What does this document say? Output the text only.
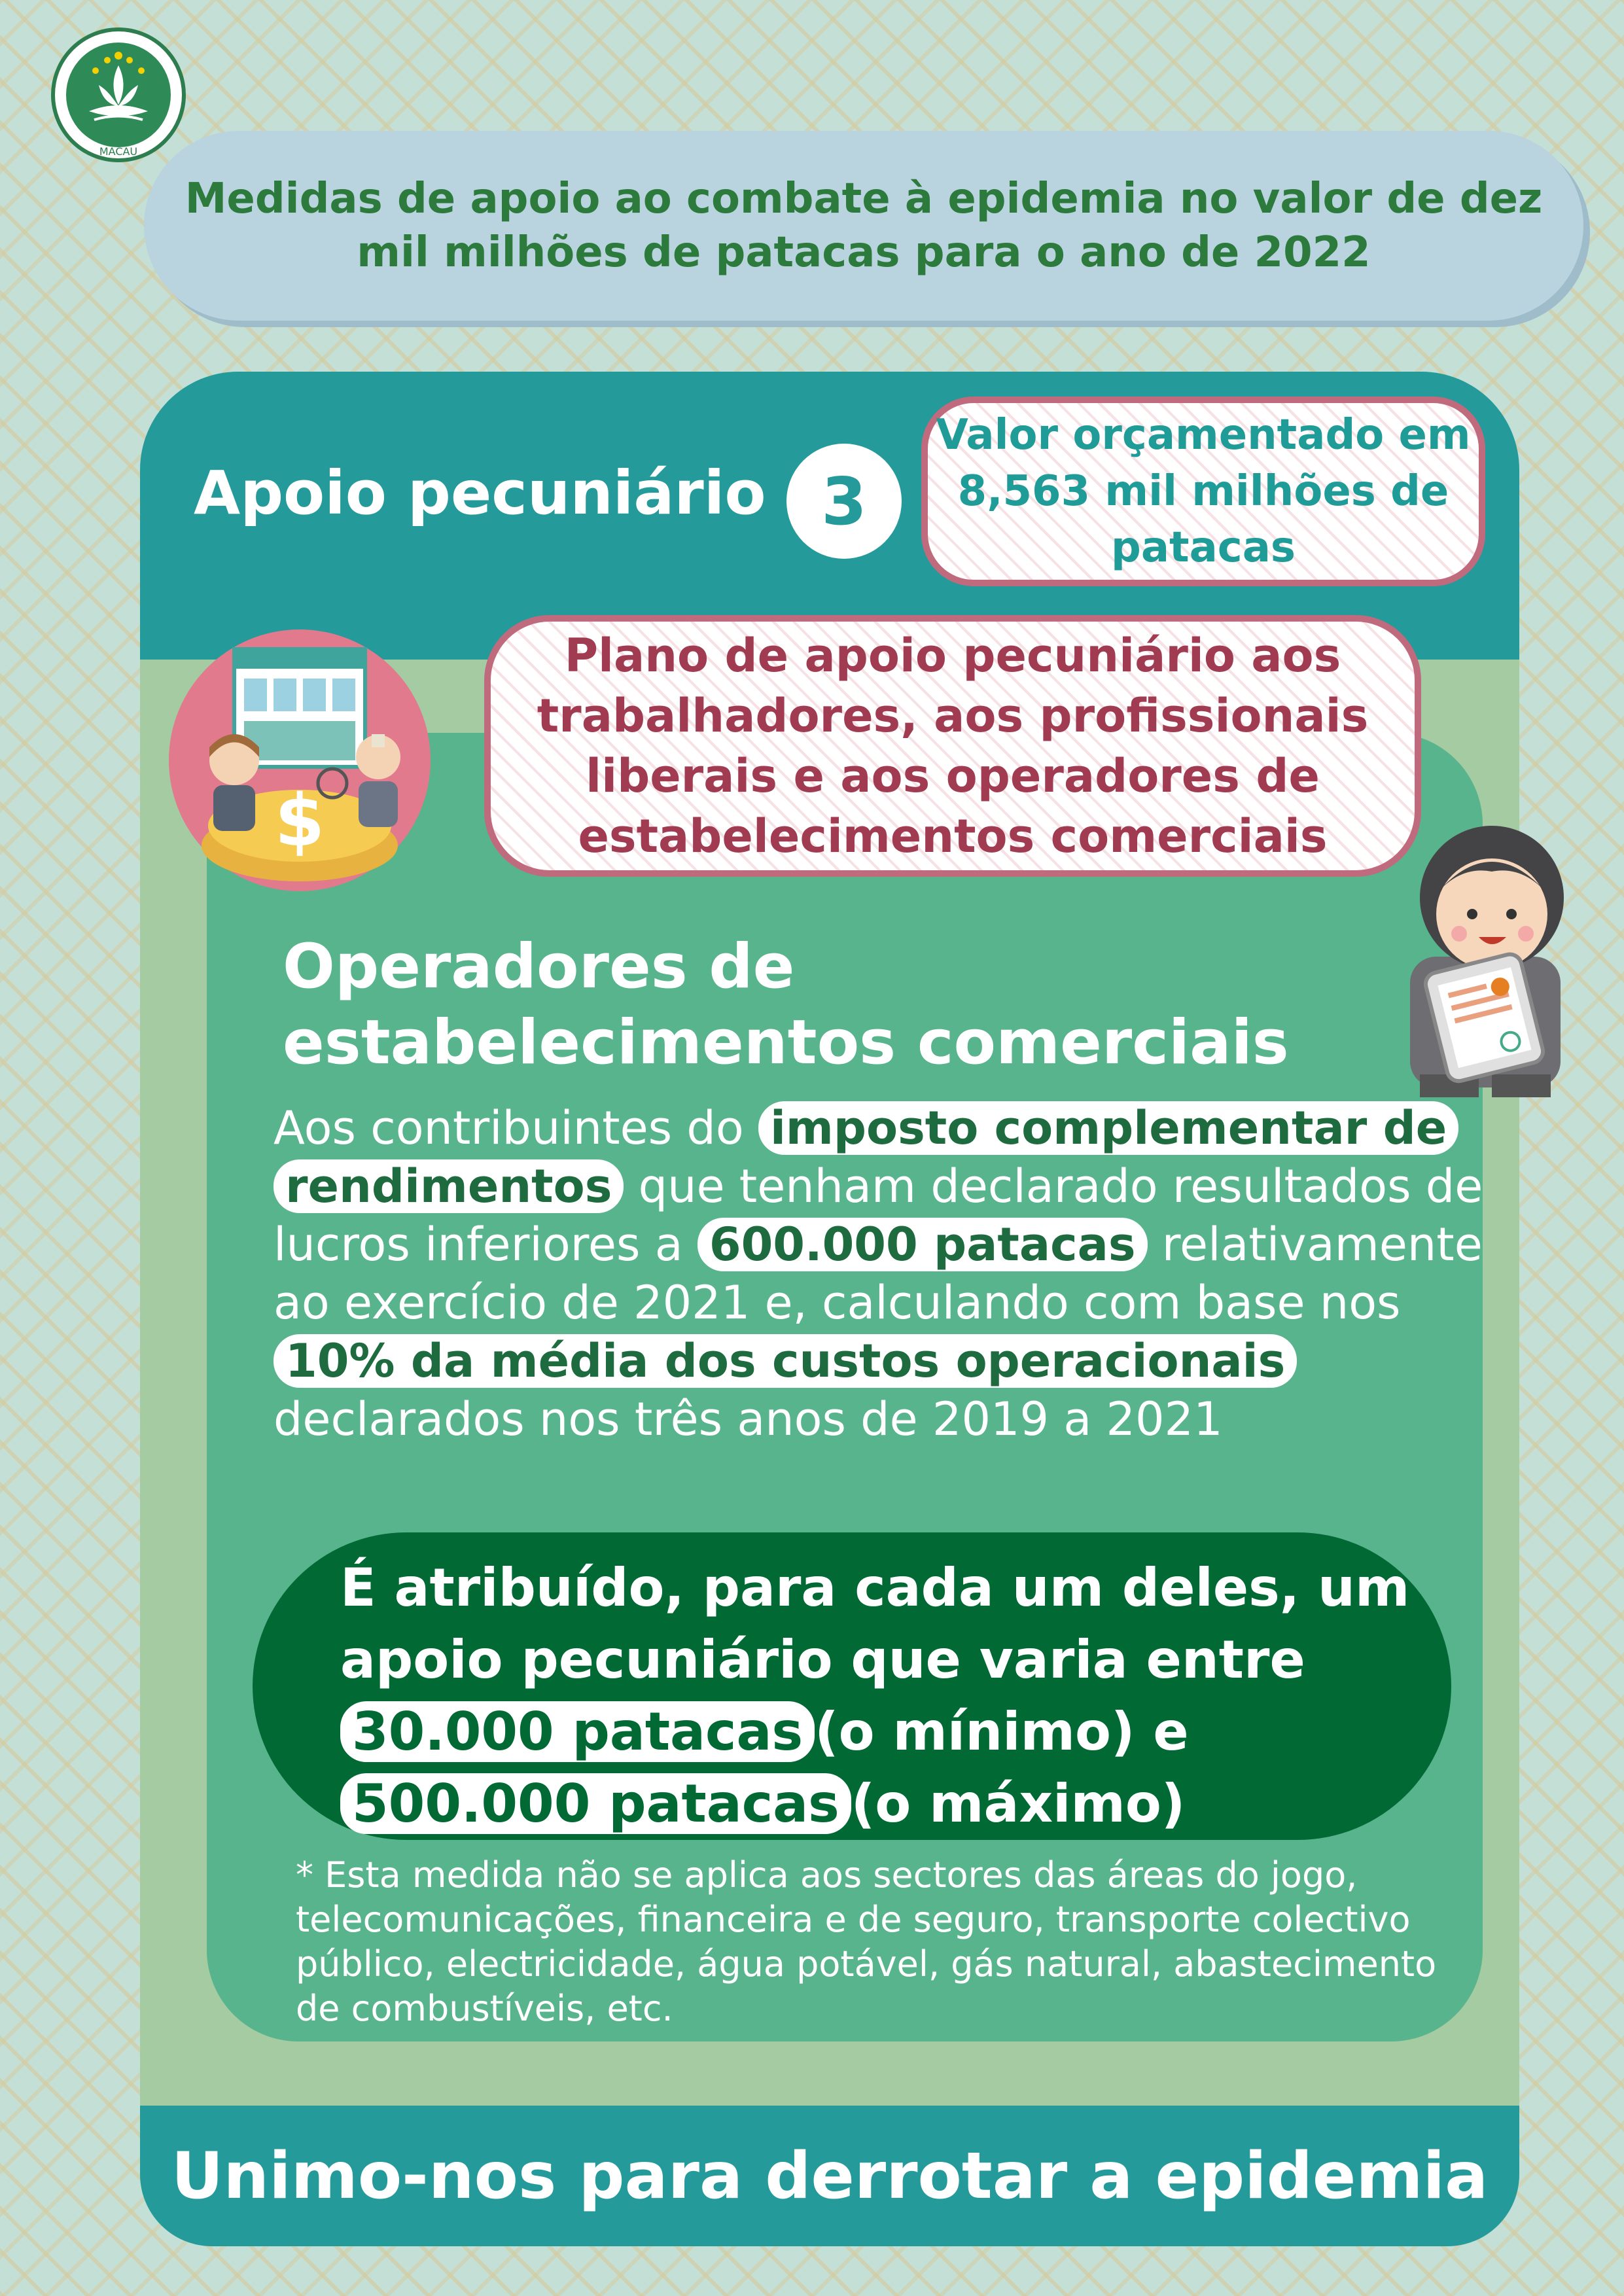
MACAU
Medidas de apoio ao combate à epidemia no valor de dez mil milhões de patacas para o ano de 2022
Unimo-nos para derrotar a epidemia
Apoio pecuniário 3
Valor orçamentado em 8,563 mil milhões de patacas
$
Plano de apoio pecuniário aos trabalhadores, aos profissionais liberais e aos operadores de estabelecimentos comerciais
Operadores de estabelecimentos comerciais
Aos contribuintes do imposto complementar de rendimentos que tenham declarado resultados de lucros inferiores a 600.000 patacas relativamente ao exercício de 2021 e, calculando com base nos 10% da média dos custos operacionais declarados nos três anos de 2019 a 2021
É atribuído, para cada um deles, um apoio pecuniário que varia entre
30.000 patacas (o mínimo) e
500.000 patacas (o máximo)
* Esta medida não se aplica aos sectores das áreas do jogo, telecomunicações, financeira e de seguro, transporte colectivo público, electricidade, água potável, gás natural, abastecimento de combustíveis, etc.
